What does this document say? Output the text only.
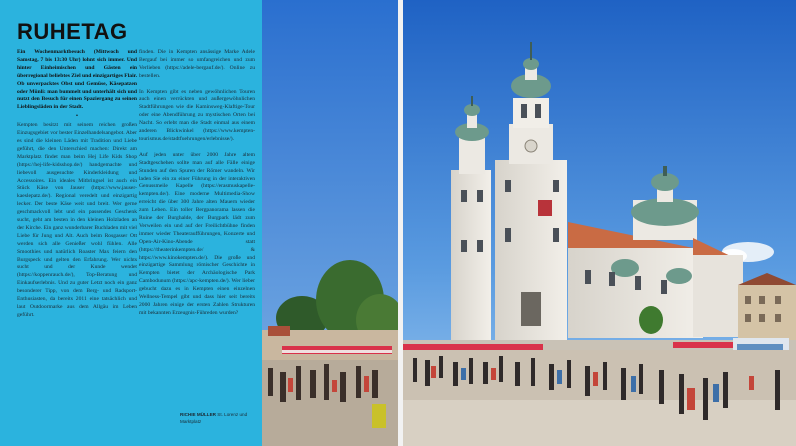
RUHETAG

Ein Wochenmarktbesuch (Mittwoch und Samstag, 7 bis 13:30 Uhr) lohnt sich immer. Und hinter Einheimischen und Gästen ein überregional beliebtes Ziel und einzigartiges Flair. Ob unverpacktes Obst und Gemüse, Käsepatzen oder Münli: man bummelt und unterhält sich und nutzt den Besuch für einen Spaziergang zu seinen Lieblingsläden in der Stadt.

•

Kempten besitzt mit seinem reichen großen Einzugsgebiet vor bester Einzelhandelsangebot. Aber es sind die kleinen Läden mit Tradition und Liebe geführt, die den Unterschied machen: Direkt am Marktplatz findet man beim Hej Life Kids Shop (https://hej-life-kidsshop.de/) handgemachte und liebevoll ausgesuchte Kinderkleidung und Accessoires. Ein ideales Mitbringsel ist auch ein Stück Käse von Jauser (https://www.jauser-kaeslepatz.de/). Regional veredelt und einzigartig lecker. Der beste Käse weit und breit. Wer gerne geschmackvoll lebt und ein passendes Geschenk sucht, geht am besten in den kleinen Holzladen an der Kirche. Ein ganz wunderbarer Buchladen mit viel Liebe für Jung und Alt. Auch beim Rosgasser Ott werden sich alle Genießer wohl fühlen. Alle Smoothies und natürlich Roaster Max feiern den Burgspeck und gelten den Erfahrung. Wer nichts sucht und der Kunde wendet (https://koppenrauch.de/), Top-Beratung und Einkaufserlebnis. Und zu guter Letzt noch ein ganz besonderer Tipp, von dem Berg- und Radsport-Enthusiasten, da bereits 2011 eine tatsächlich und laut Outdoormarke aus dem Allgäu im Leben geführt.

finden. Die in Kempten ansässige Marke Adele Bergauf bei immer so umfangreichen und zum Verlieben (https://adele-bergauf.de/). Online zu bestellen.

In Kempten gibt es neben gewöhnlichen Touren auch einen verrückten und außergewöhnlichen Stadtführungen wie die Kaminsweg-Klaftige-Tour oder eine Abendführung zu mystischen Orten bei Nacht. So erlebt man die Stadt einmal aus einem anderen Blickwinkel (https://www.kempten-tourismus.de/stadtfuehrungen/erlebnisse/).

Auf jeden unter über 2000 Jahre altem Stadtgeschehen sollte man auf alle Fälle einige Stunden auf den Spuren der Römer wandeln. Wir laden Sie ein zu einer Führung in der interaktiven Genussmeile Kapelle (https://erasmuskapelle-kempten.de/). Eine moderne Multimedia-Show erreicht die über 300 Jahre alten Mauern wieder zum Leben. Ein toller Bergpanorama lassen die Ruine der Burghalde, der Burgpark lädt zum Verweilen ein und auf der Freilichtbühne finden immer wieder Theateraufführungen, Konzerte und Open-Air-Kino-Abende statt (https://theaterinkempten.de/ & https://www.kinokempten.de/). Die große und einzigartige Sammlung römischer Geschichte in Kempten bietet der Archäologische Park Cambodunum (https://apc-kempten.de/). Wer lieber gebucht dazu es in Kempten einen einzelnen Wellness-Tempel gibt und dass hier seit bereits 2000 Jahren einige der ersten Zahlen Strukturen mit bekannten Erzeugnis-Führeden wurden?

RICHIE MÜLLER St. Lorenz und Marktplatz
